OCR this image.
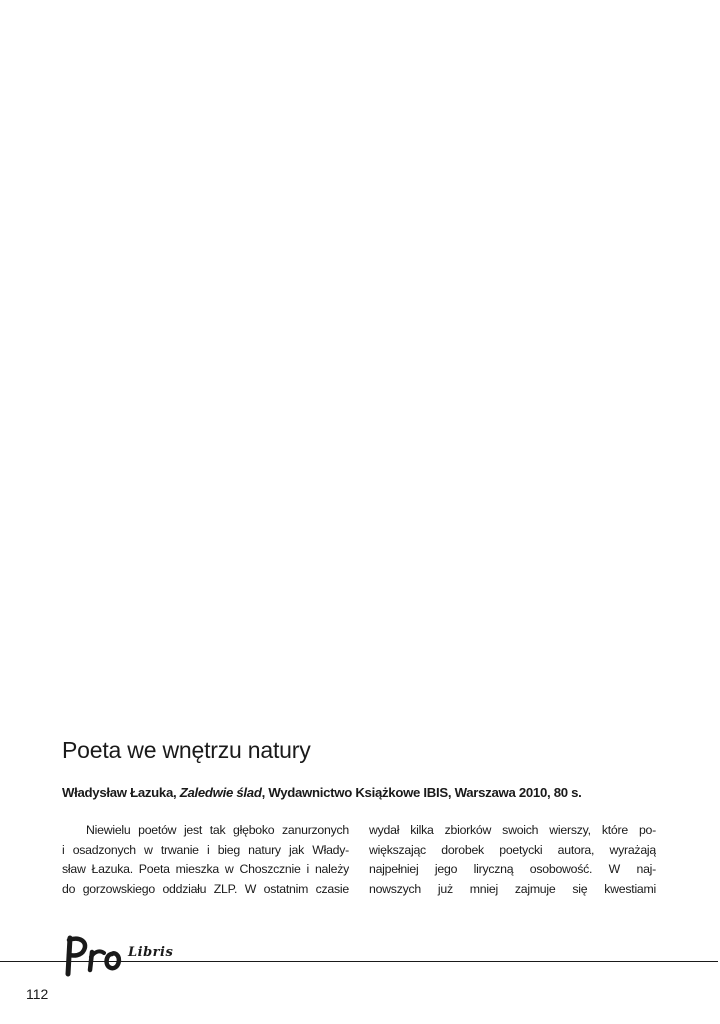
Poeta we wnętrzu natury

Władysław Łazuka, Zaledwie ślad, Wydawnictwo Książkowe IBIS, Warszawa 2010, 80 s.

Niewielu poetów jest tak głęboko zanurzonych
i osadzonych w trwanie i bieg natury jak Włady-
sław Łazuka. Poeta mieszka w Choszcznie i należy
do gorzowskiego oddziału ZLP. W ostatnim czasie
wydał kilka zbiorków swoich wierszy, które po-
większając dorobek poetycki autora, wyrażają
najpełniej jego liryczną osobowość. W naj-
nowszych już mniej zajmuje się kwestiami
Libris
112
